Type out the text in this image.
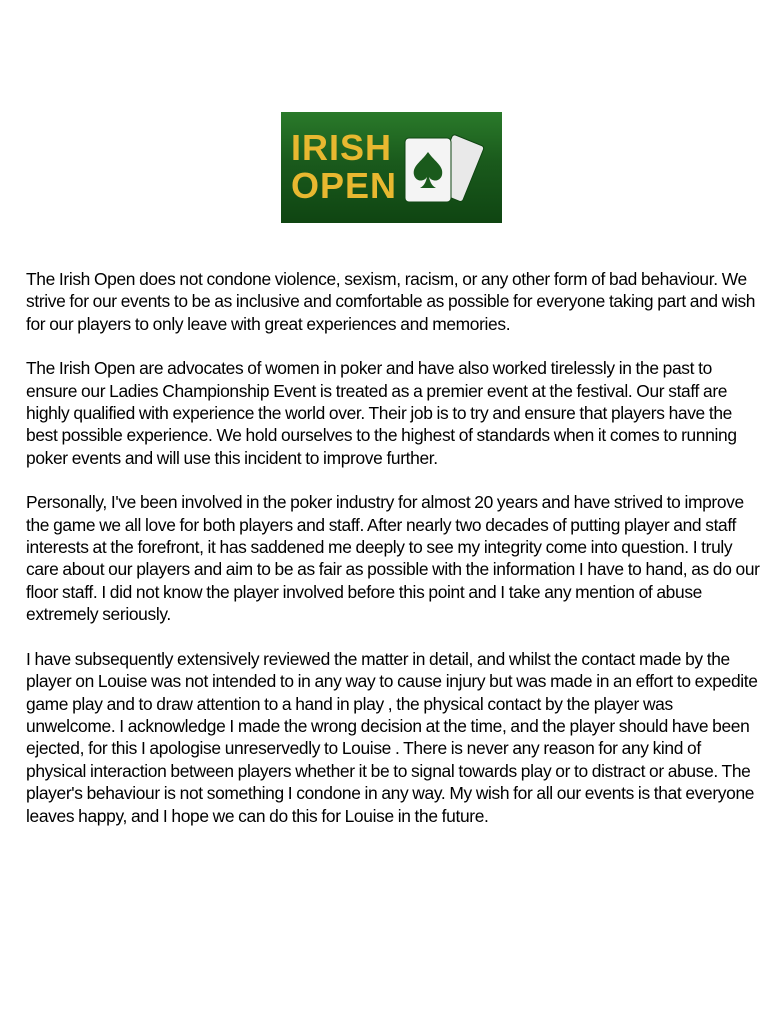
IRISH
OPEN

The Irish Open does not condone violence, sexism, racism, or any other form of bad behaviour. We strive for our events to be as inclusive and comfortable as possible for everyone taking part and wish for our players to only leave with great experiences and memories.

The Irish Open are advocates of women in poker and have also worked tirelessly in the past to ensure our Ladies Championship Event is treated as a premier event at the festival. Our staff are highly qualified with experience the world over. Their job is to try and ensure that players have the best possible experience. We hold ourselves to the highest of standards when it comes to running poker events and will use this incident to improve further.

Personally, I've been involved in the poker industry for almost 20 years and have strived to improve the game we all love for both players and staff. After nearly two decades of putting player and staff interests at the forefront, it has saddened me deeply to see my integrity come into question. I truly care about our players and aim to be as fair as possible with the information I have to hand, as do our floor staff. I did not know the player involved before this point and I take any mention of abuse extremely seriously.

I have subsequently extensively reviewed the matter in detail, and whilst the contact made by the player on Louise was not intended to in any way to cause injury but was made in an effort to expedite game play and to draw attention to a hand in play , the physical contact by the player was unwelcome. I acknowledge I made the wrong decision at the time, and the player should have been ejected, for this I apologise unreservedly to Louise . There is never any reason for any kind of physical interaction between players whether it be to signal towards play or to distract or abuse. The player's behaviour is not something I condone in any way. My wish for all our events is that everyone leaves happy, and I hope we can do this for Louise in the future.
